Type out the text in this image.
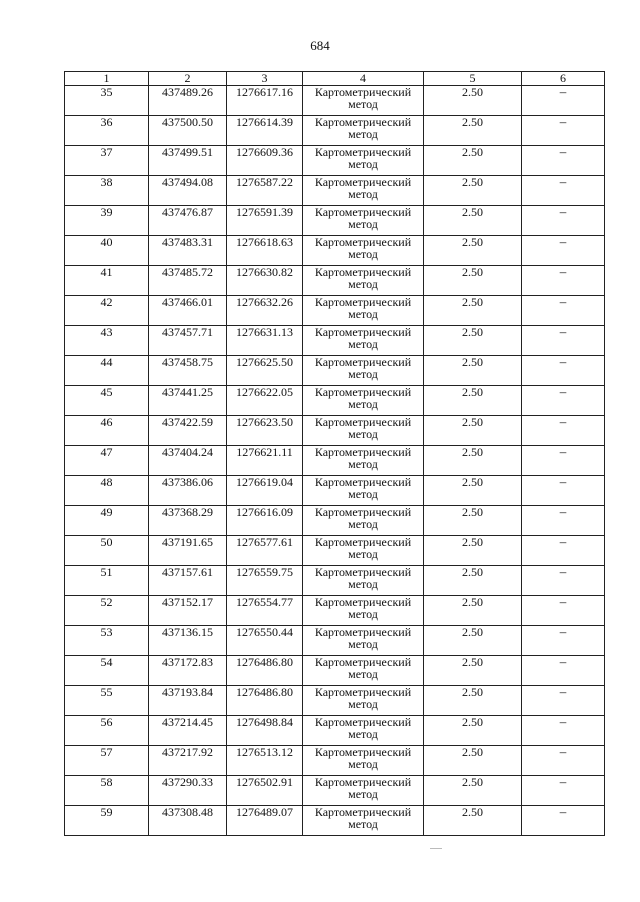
684
1	2	3	4	5	6
35	437489.26	1276617.16	Картометрический метод	2.50	–
36	437500.50	1276614.39	Картометрический метод	2.50	–
37	437499.51	1276609.36	Картометрический метод	2.50	–
38	437494.08	1276587.22	Картометрический метод	2.50	–
39	437476.87	1276591.39	Картометрический метод	2.50	–
40	437483.31	1276618.63	Картометрический метод	2.50	–
41	437485.72	1276630.82	Картометрический метод	2.50	–
42	437466.01	1276632.26	Картометрический метод	2.50	–
43	437457.71	1276631.13	Картометрический метод	2.50	–
44	437458.75	1276625.50	Картометрический метод	2.50	–
45	437441.25	1276622.05	Картометрический метод	2.50	–
46	437422.59	1276623.50	Картометрический метод	2.50	–
47	437404.24	1276621.11	Картометрический метод	2.50	–
48	437386.06	1276619.04	Картометрический метод	2.50	–
49	437368.29	1276616.09	Картометрический метод	2.50	–
50	437191.65	1276577.61	Картометрический метод	2.50	–
51	437157.61	1276559.75	Картометрический метод	2.50	–
52	437152.17	1276554.77	Картометрический метод	2.50	–
53	437136.15	1276550.44	Картометрический метод	2.50	–
54	437172.83	1276486.80	Картометрический метод	2.50	–
55	437193.84	1276486.80	Картометрический метод	2.50	–
56	437214.45	1276498.84	Картометрический метод	2.50	–
57	437217.92	1276513.12	Картометрический метод	2.50	–
58	437290.33	1276502.91	Картометрический метод	2.50	–
59	437308.48	1276489.07	Картометрический метод	2.50	–
